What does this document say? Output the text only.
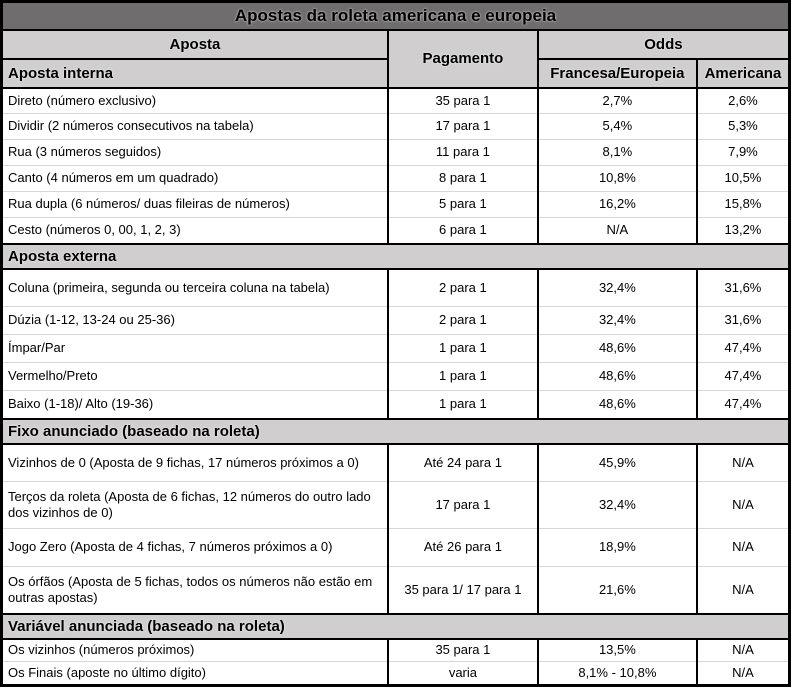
Apostas da roleta americana e europeia			
Aposta	Pagamento	Odds	
Aposta interna		Francesa/Europeia	Americana
Direto (número exclusivo)	35 para 1	2,7%	2,6%
Dividir (2 números consecutivos na tabela)	17 para 1	5,4%	5,3%
Rua (3 números seguidos)	11 para 1	8,1%	7,9%
Canto (4 números em um quadrado)	8 para 1	10,8%	10,5%
Rua dupla (6 números/ duas fileiras de números)	5 para 1	16,2%	15,8%
Cesto (números 0, 00, 1, 2, 3)	6 para 1	N/A	13,2%
Aposta externa			
Coluna (primeira, segunda ou terceira coluna na tabela)	2 para 1	32,4%	31,6%
Dúzia (1-12, 13-24 ou 25-36)	2 para 1	32,4%	31,6%
Ímpar/Par	1 para 1	48,6%	47,4%
Vermelho/Preto	1 para 1	48,6%	47,4%
Baixo (1-18)/ Alto (19-36)	1 para 1	48,6%	47,4%
Fixo anunciado (baseado na roleta)			
Vizinhos de 0 (Aposta de 9 fichas, 17 números próximos a 0)	Até 24 para 1	45,9%	N/A
Terços da roleta (Aposta de 6 fichas, 12 números do outro lado dos vizinhos de 0)	17 para 1	32,4%	N/A
Jogo Zero (Aposta de 4 fichas, 7 números próximos a 0)	Até 26 para 1	18,9%	N/A
Os órfãos (Aposta de 5 fichas, todos os números não estão em outras apostas)	35 para 1/ 17 para 1	21,6%	N/A
Variável anunciada (baseado na roleta)			
Os vizinhos (números próximos)	35 para 1	13,5%	N/A
Os Finais (aposte no último dígito)	varia	8,1% - 10,8%	N/A
